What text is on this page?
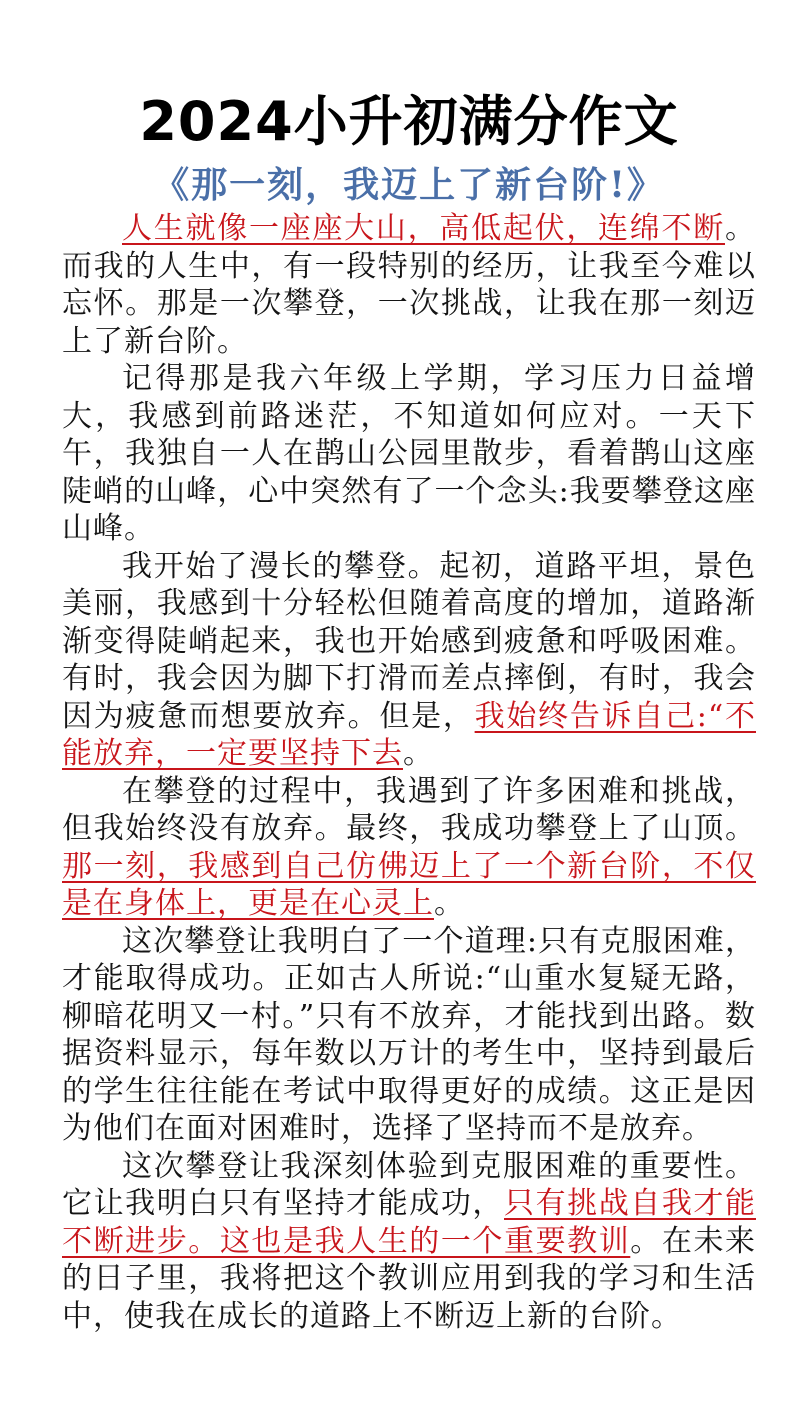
2024小升初满分作文
《那一刻，我迈上了新台阶!》

人生就像一座座大山，高低起伏，连绵不断。而我的人生中，有一段特别的经历，让我至今难以忘怀。那是一次攀登，一次挑战，让我在那一刻迈上了新台阶。

记得那是我六年级上学期，学习压力日益增大，我感到前路迷茫，不知道如何应对。一天下午，我独自一人在鹊山公园里散步，看着鹊山这座陡峭的山峰，心中突然有了一个念头:我要攀登这座山峰。

我开始了漫长的攀登。起初，道路平坦，景色美丽，我感到十分轻松但随着高度的增加，道路渐渐变得陡峭起来，我也开始感到疲惫和呼吸困难。有时，我会因为脚下打滑而差点摔倒，有时，我会因为疲惫而想要放弃。但是，我始终告诉自己:“不能放弃，一定要坚持下去。

在攀登的过程中，我遇到了许多困难和挑战，但我始终没有放弃。最终，我成功攀登上了山顶。那一刻，我感到自己仿佛迈上了一个新台阶，不仅是在身体上，更是在心灵上。

这次攀登让我明白了一个道理:只有克服困难，才能取得成功。正如古人所说:“山重水复疑无路，柳暗花明又一村。”只有不放弃，才能找到出路。数据资料显示，每年数以万计的考生中，坚持到最后的学生往往能在考试中取得更好的成绩。这正是因为他们在面对困难时，选择了坚持而不是放弃。

这次攀登让我深刻体验到克服困难的重要性。它让我明白只有坚持才能成功，只有挑战自我才能不断进步。这也是我人生的一个重要教训。在未来的日子里，我将把这个教训应用到我的学习和生活中，使我在成长的道路上不断迈上新的台阶。
